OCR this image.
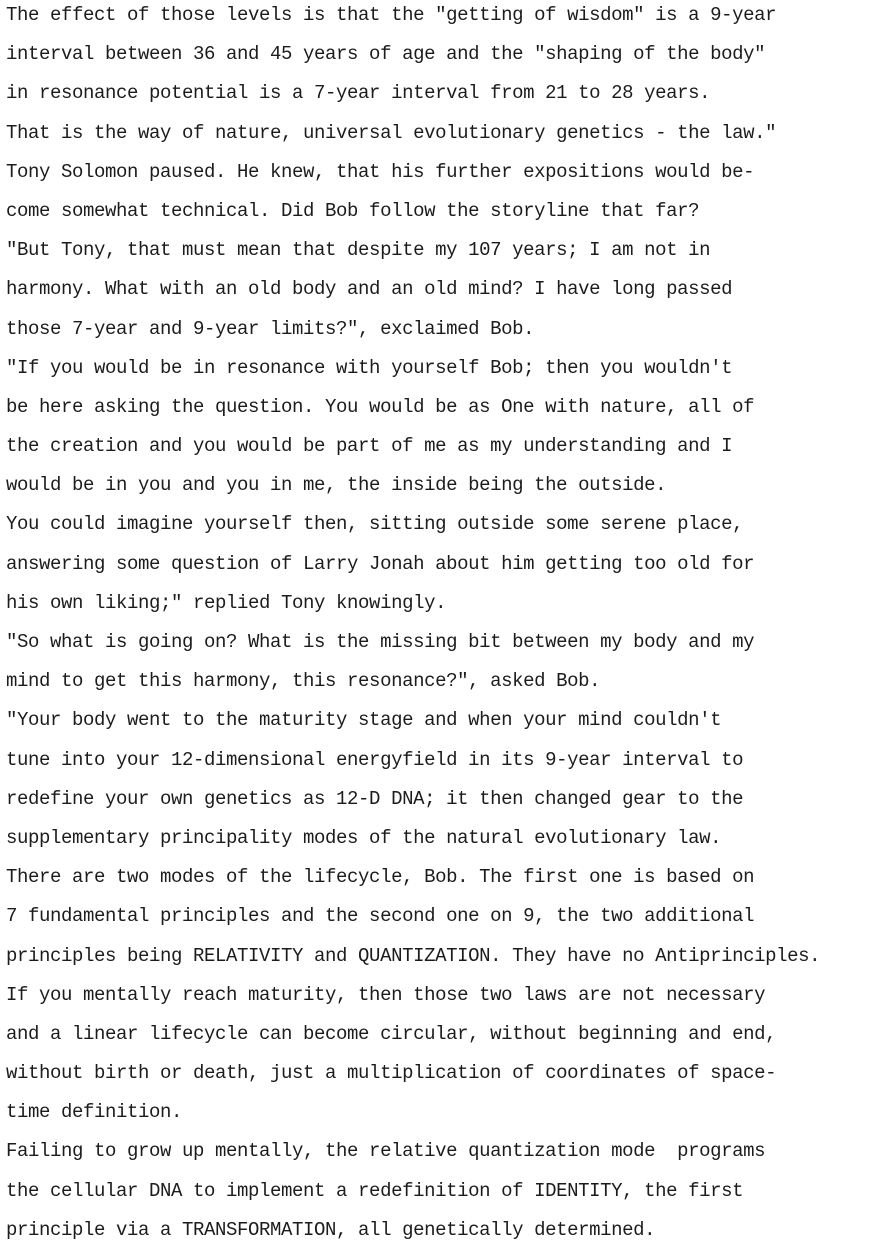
The effect of those levels is that the "getting of wisdom" is a 9-year
interval between 36 and 45 years of age and the "shaping of the body"
in resonance potential is a 7-year interval from 21 to 28 years.
That is the way of nature, universal evolutionary genetics - the law."
Tony Solomon paused. He knew, that his further expositions would be-
come somewhat technical. Did Bob follow the storyline that far?
"But Tony, that must mean that despite my 107 years; I am not in
harmony. What with an old body and an old mind? I have long passed
those 7-year and 9-year limits?", exclaimed Bob.
"If you would be in resonance with yourself Bob; then you wouldn't
be here asking the question. You would be as One with nature, all of
the creation and you would be part of me as my understanding and I
would be in you and you in me, the inside being the outside.
You could imagine yourself then, sitting outside some serene place,
answering some question of Larry Jonah about him getting too old for
his own liking;" replied Tony knowingly.
"So what is going on? What is the missing bit between my body and my
mind to get this harmony, this resonance?", asked Bob.
"Your body went to the maturity stage and when your mind couldn't
tune into your 12-dimensional energyfield in its 9-year interval to
redefine your own genetics as 12-D DNA; it then changed gear to the
supplementary principality modes of the natural evolutionary law.
There are two modes of the lifecycle, Bob. The first one is based on
7 fundamental principles and the second one on 9, the two additional
principles being RELATIVITY and QUANTIZATION. They have no Antiprinciples.
If you mentally reach maturity, then those two laws are not necessary
and a linear lifecycle can become circular, without beginning and end,
without birth or death, just a multiplication of coordinates of space-
time definition.
Failing to grow up mentally, the relative quantization mode  programs
the cellular DNA to implement a redefinition of IDENTITY, the first
principle via a TRANSFORMATION, all genetically determined.
